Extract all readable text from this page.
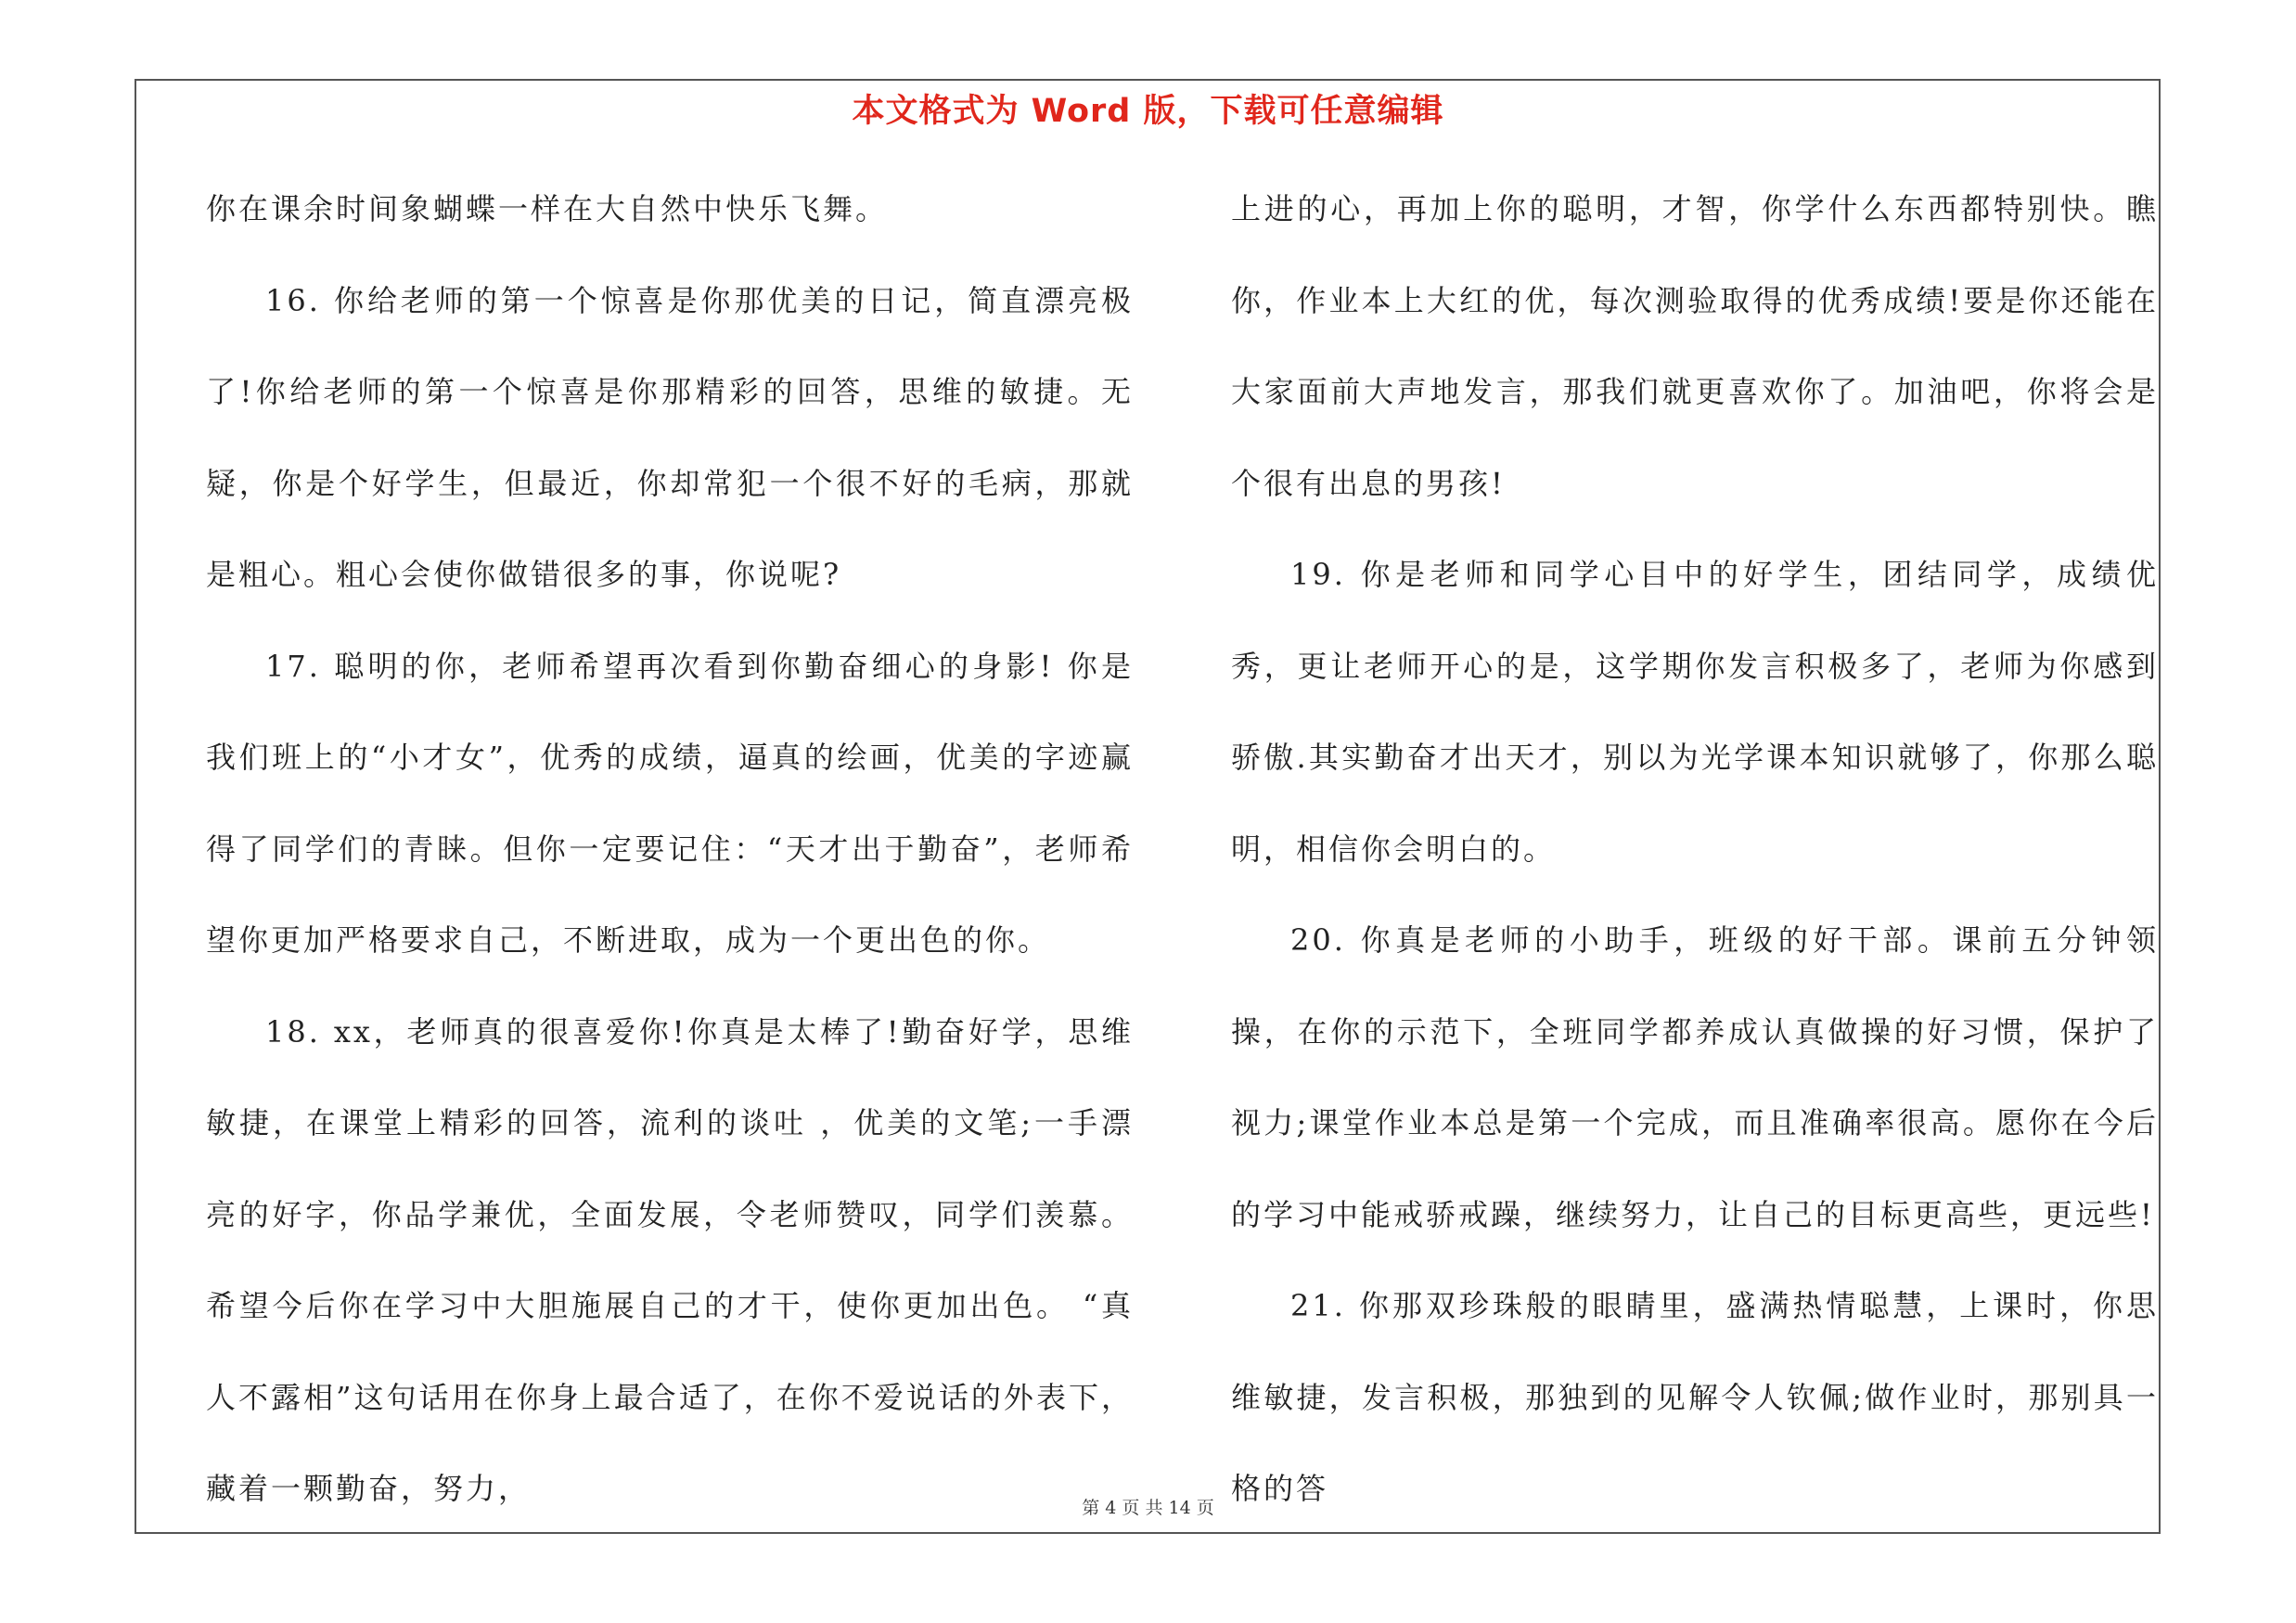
本文格式为 Word 版，下载可任意编辑

你在课余时间象蝴蝶一样在大自然中快乐飞舞。

16. 你给老师的第一个惊喜是你那优美的日记，简直漂亮极了!你给老师的第一个惊喜是你那精彩的回答，思维的敏捷。无疑，你是个好学生，但最近，你却常犯一个很不好的毛病，那就是粗心。粗心会使你做错很多的事，你说呢?

17. 聪明的你，老师希望再次看到你勤奋细心的身影! 你是我们班上的“小才女”，优秀的成绩，逼真的绘画，优美的字迹赢得了同学们的青睐。但你一定要记住：“天才出于勤奋”，老师希望你更加严格要求自己，不断进取，成为一个更出色的你。

18. xx，老师真的很喜爱你!你真是太棒了!勤奋好学，思维敏捷，在课堂上精彩的回答，流利的谈吐 ，优美的文笔;一手漂亮的好字，你品学兼优，全面发展，令老师赞叹，同学们羡慕。希望今后你在学习中大胆施展自己的才干，使你更加出色。 “真人不露相”这句话用在你身上最合适了，在你不爱说话的外表下，藏着一颗勤奋，努力，

上进的心，再加上你的聪明，才智，你学什么东西都特别快。瞧你，作业本上大红的优，每次测验取得的优秀成绩!要是你还能在大家面前大声地发言，那我们就更喜欢你了。加油吧，你将会是个很有出息的男孩!

19. 你是老师和同学心目中的好学生，团结同学，成绩优秀，更让老师开心的是，这学期你发言积极多了，老师为你感到骄傲.其实勤奋才出天才，别以为光学课本知识就够了，你那么聪明，相信你会明白的。

20. 你真是老师的小助手，班级的好干部。课前五分钟领操，在你的示范下，全班同学都养成认真做操的好习惯，保护了视力;课堂作业本总是第一个完成，而且准确率很高。愿你在今后的学习中能戒骄戒躁，继续努力，让自己的目标更高些，更远些!

21. 你那双珍珠般的眼睛里，盛满热情聪慧，上课时，你思维敏捷，发言积极，那独到的见解令人钦佩;做作业时，那别具一格的答

第 4 页 共 14 页
